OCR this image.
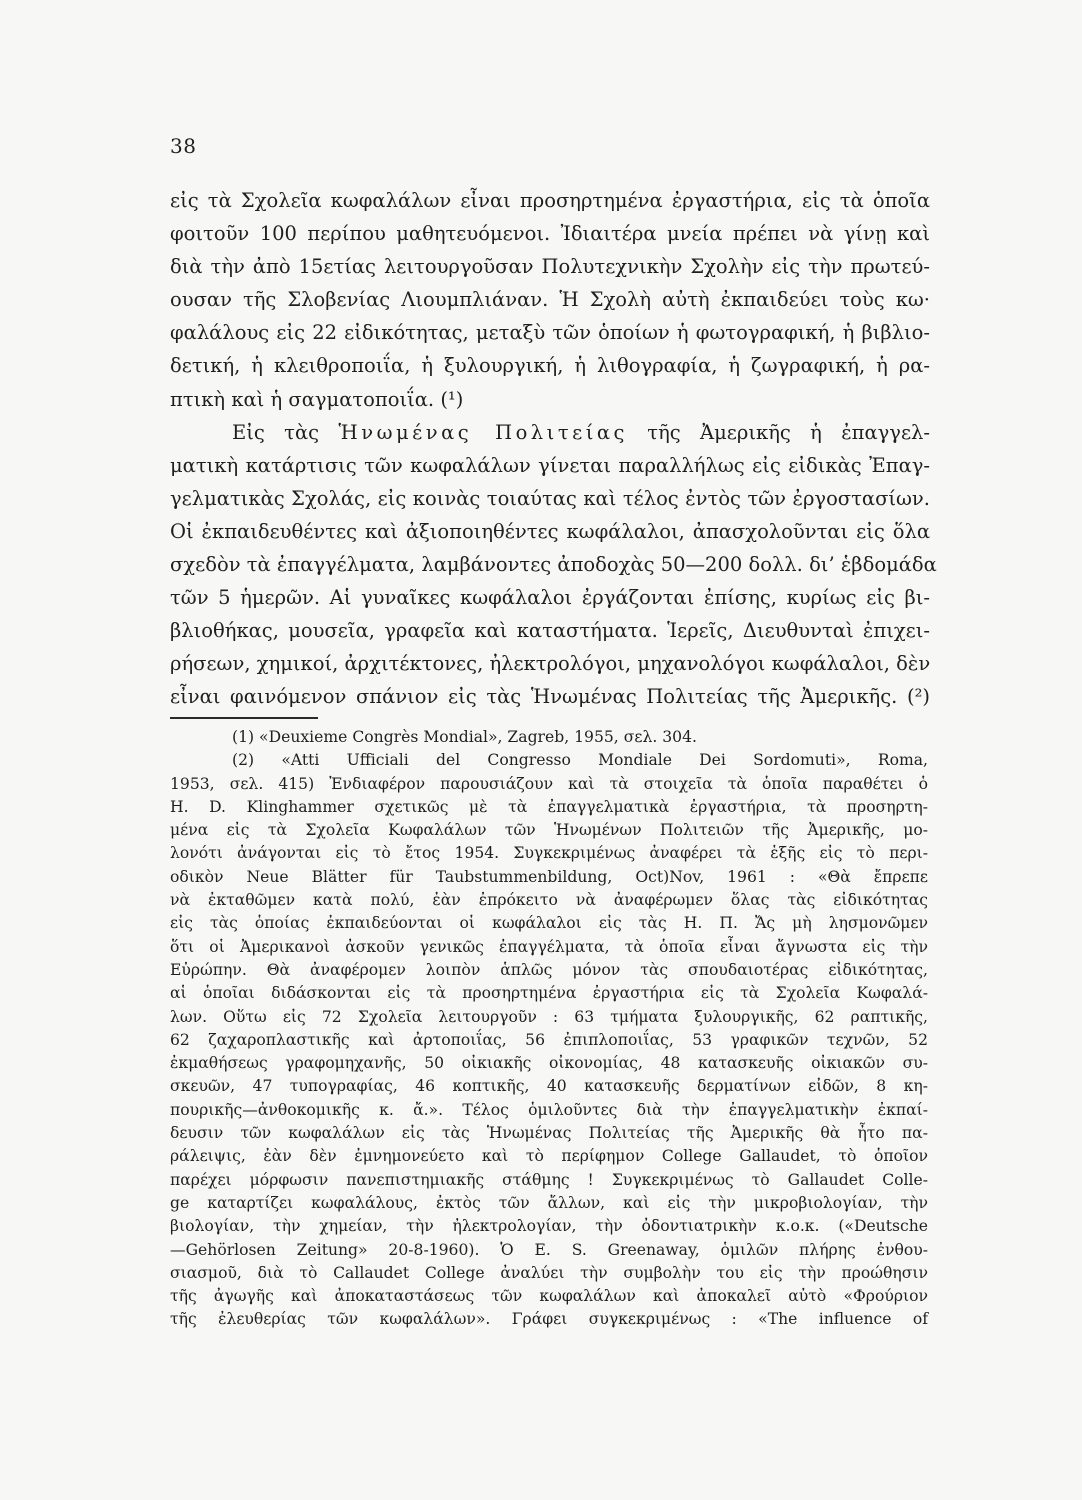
38
εἰς τὰ Σχολεῖα κωφαλάλων εἶναι προσηρτημένα ἐργαστήρια, εἰς τὰ ὁποῖα
φοιτοῦν 100 περίπου μαθητευόμενοι. Ἰδιαιτέρα μνεία πρέπει νὰ γίνῃ καὶ
διὰ τὴν ἀπὸ 15ετίας λειτουργοῦσαν Πολυτεχνικὴν Σχολὴν εἰς τὴν πρωτεύ-
ουσαν τῆς Σλοβενίας Λιουμπλιάναν. Ἡ Σχολὴ αὐτὴ ἐκπαιδεύει τοὺς κω·
φαλάλους εἰς 22 εἰδικότητας, μεταξὺ τῶν ὁποίων ἡ φωτογραφική, ἡ βιβλιο-
δετική, ἡ κλειθροποιΐα, ἡ ξυλουργική, ἡ λιθογραφία, ἡ ζωγραφική, ἡ ρα-
πτικὴ καὶ ἡ σαγματοποιΐα. (¹)
Εἰς τὰς Ἡνωμένας Πολιτείας τῆς Ἀμερικῆς ἡ ἐπαγγελ-
ματικὴ κατάρτισις τῶν κωφαλάλων γίνεται παραλλήλως εἰς εἰδικὰς Ἐπαγ-
γελματικὰς Σχολάς, εἰς κοινὰς τοιαύτας καὶ τέλος ἐντὸς τῶν ἐργοστασίων.
Οἱ ἐκπαιδευθέντες καὶ ἀξιοποιηθέντες κωφάλαλοι, ἀπασχολοῦνται εἰς ὅλα
σχεδὸν τὰ ἐπαγγέλματα, λαμβάνοντες ἀποδοχὰς 50—200 δολλ. δι’ ἑβδομάδα
τῶν 5 ἡμερῶν. Αἱ γυναῖκες κωφάλαλοι ἐργάζονται ἐπίσης, κυρίως εἰς βι-
βλιοθήκας, μουσεῖα, γραφεῖα καὶ καταστήματα. Ἱερεῖς, Διευθυνταὶ ἐπιχει-
ρήσεων, χημικοί, ἀρχιτέκτονες, ἠλεκτρολόγοι, μηχανολόγοι κωφάλαλοι, δὲν
εἶναι φαινόμενον σπάνιον εἰς τὰς Ἡνωμένας Πολιτείας τῆς Ἀμερικῆς. (²)
(1) «Deuxieme Congrès Mondial», Zagreb, 1955, σελ. 304.
(2) «Atti Ufficiali del Congresso Mondiale Dei Sordomuti», Roma,
1953, σελ. 415) Ἐνδιαφέρον παρουσιάζουν καὶ τὰ στοιχεῖα τὰ ὁποῖα παραθέτει ὁ
H. D. Klinghammer σχετικῶς μὲ τὰ ἐπαγγελματικὰ ἐργαστήρια, τὰ προσηρτη-
μένα εἰς τὰ Σχολεῖα Κωφαλάλων τῶν Ἡνωμένων Πολιτειῶν τῆς Ἀμερικῆς, μο-
λονότι ἀνάγονται εἰς τὸ ἔτος 1954. Συγκεκριμένως ἀναφέρει τὰ ἑξῆς εἰς τὸ περι-
οδικὸν Neue Blätter für Taubstummenbildung, Oct)Nov, 1961 : «Θὰ ἔπρεπε
νὰ ἐκταθῶμεν κατὰ πολύ, ἐὰν ἐπρόκειτο νὰ ἀναφέρωμεν ὅλας τὰς εἰδικότητας
εἰς τὰς ὁποίας ἐκπαιδεύονται οἱ κωφάλαλοι εἰς τὰς Η. Π. Ἄς μὴ λησμονῶμεν
ὅτι οἱ Ἀμερικανοὶ ἀσκοῦν γενικῶς ἐπαγγέλματα, τὰ ὁποῖα εἶναι ἄγνωστα εἰς τὴν
Εὐρώπην. Θὰ ἀναφέρομεν λοιπὸν ἁπλῶς μόνον τὰς σπουδαιοτέρας εἰδικότητας,
αἱ ὁποῖαι διδάσκονται εἰς τὰ προσηρτημένα ἐργαστήρια εἰς τὰ Σχολεῖα Κωφαλά-
λων. Οὕτω εἰς 72 Σχολεῖα λειτουργοῦν : 63 τμήματα ξυλουργικῆς, 62 ραπτικῆς,
62 ζαχαροπλαστικῆς καὶ ἀρτοποιΐας, 56 ἐπιπλοποιΐας, 53 γραφικῶν τεχνῶν, 52
ἐκμαθήσεως γραφομηχανῆς, 50 οἰκιακῆς οἰκονομίας, 48 κατασκευῆς οἰκιακῶν συ-
σκευῶν, 47 τυπογραφίας, 46 κοπτικῆς, 40 κατασκευῆς δερματίνων εἰδῶν, 8 κη-
πουρικῆς—ἀνθοκομικῆς κ. ἄ.». Τέλος ὁμιλοῦντες διὰ τὴν ἐπαγγελματικὴν ἐκπαί-
δευσιν τῶν κωφαλάλων εἰς τὰς Ἡνωμένας Πολιτείας τῆς Ἀμερικῆς θὰ ἦτο πα-
ράλειψις, ἐὰν δὲν ἐμνημονεύετο καὶ τὸ περίφημον College Gallaudet, τὸ ὁποῖον
παρέχει μόρφωσιν πανεπιστημιακῆς στάθμης ! Συγκεκριμένως τὸ Gallaudet Colle-
ge καταρτίζει κωφαλάλους, ἐκτὸς τῶν ἄλλων, καὶ εἰς τὴν μικροβιολογίαν, τὴν
βιολογίαν, τὴν χημείαν, τὴν ἠλεκτρολογίαν, τὴν ὀδοντιατρικὴν κ.ο.κ. («Deutsche
—Gehörlosen Zeitung» 20-8-1960). Ὁ E. S. Greenaway, ὁμιλῶν πλήρης ἐνθου-
σιασμοῦ, διὰ τὸ Callaudet College ἀναλύει τὴν συμβολὴν του εἰς τὴν προώθησιν
τῆς ἀγωγῆς καὶ ἀποκαταστάσεως τῶν κωφαλάλων καὶ ἀποκαλεῖ αὐτὸ «Φρούριον
τῆς ἐλευθερίας τῶν κωφαλάλων». Γράφει συγκεκριμένως : «The influence of
